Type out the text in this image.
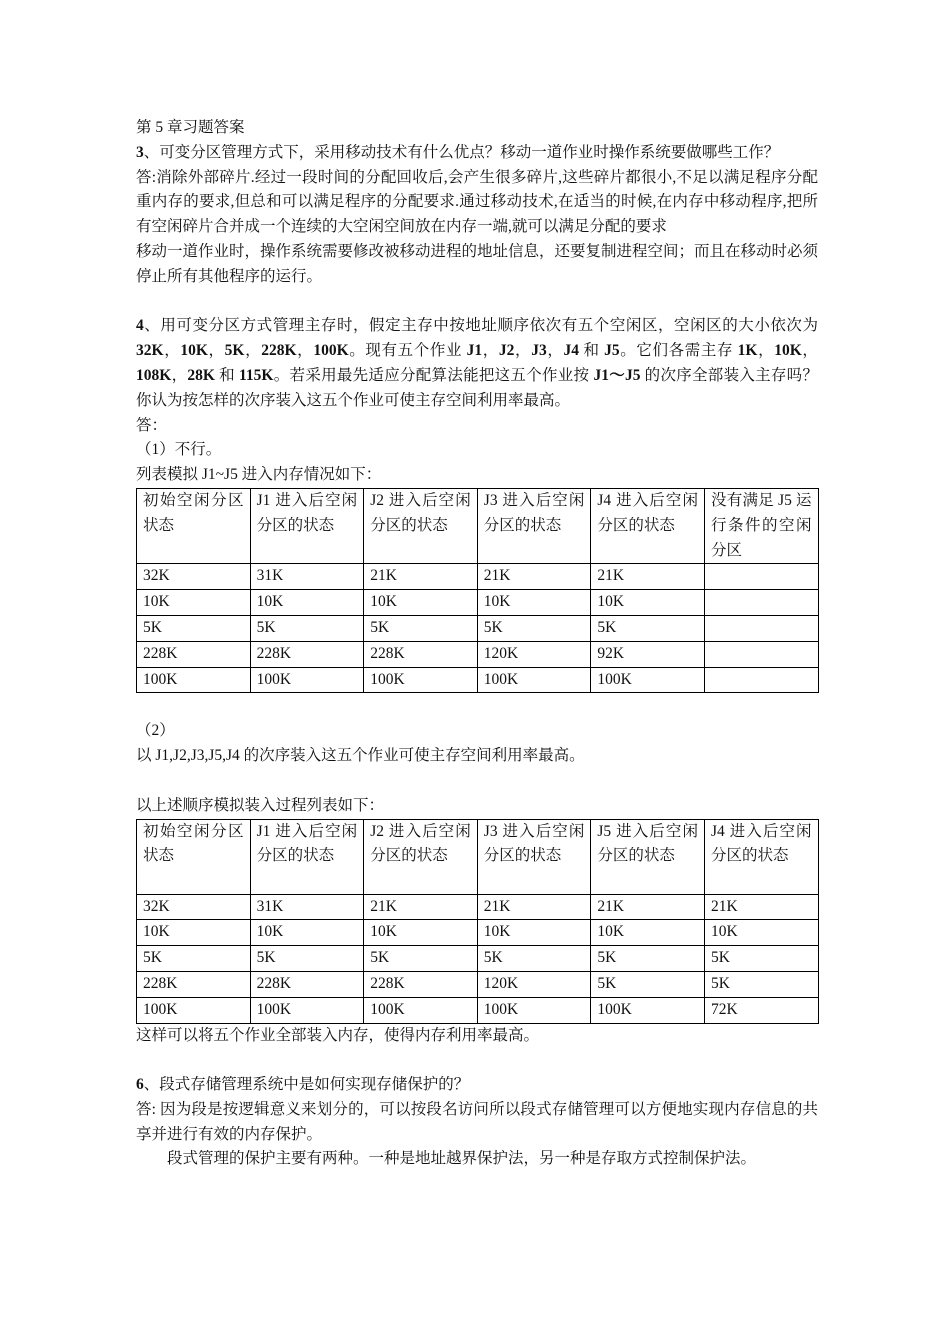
第 5 章习题答案

3、可变分区管理方式下，采用移动技术有什么优点？移动一道作业时操作系统要做哪些工作？

答:消除外部碎片.经过一段时间的分配回收后,会产生很多碎片,这些碎片都很小,不足以满足程序分配重内存的要求,但总和可以满足程序的分配要求.通过移动技术,在适当的时候,在内存中移动程序,把所有空闲碎片合并成一个连续的大空闲空间放在内存一端,就可以满足分配的要求

移动一道作业时，操作系统需要修改被移动进程的地址信息，还要复制进程空间；而且在移动时必须停止所有其他程序的运行。

4、用可变分区方式管理主存时，假定主存中按地址顺序依次有五个空闲区，空闲区的大小依次为 32K，10K，5K，228K，100K。现有五个作业 J1，J2，J3，J4 和 J5。它们各需主存 1K，10K，108K，28K 和 115K。若采用最先适应分配算法能把这五个作业按 J1～J5 的次序全部装入主存吗？你认为按怎样的次序装入这五个作业可使主存空间利用率最高。

答：

（1）不行。

列表模拟 J1~J5 进入内存情况如下：

初始空闲分区状态	J1 进入后空闲分区的状态	J2 进入后空闲分区的状态	J3 进入后空闲分区的状态	J4 进入后空闲分区的状态	没有满足 J5 运行条件的空闲分区
32K	31K	21K	21K	21K	
10K	10K	10K	10K	10K	
5K	5K	5K	5K	5K	
228K	228K	228K	120K	92K	
100K	100K	100K	100K	100K	

（2）

以 J1,J2,J3,J5,J4 的次序装入这五个作业可使主存空间利用率最高。

以上述顺序模拟装入过程列表如下：

初始空闲分区状态	J1 进入后空闲分区的状态	J2 进入后空闲分区的状态	J3 进入后空闲分区的状态	J5 进入后空闲分区的状态	J4 进入后空闲分区的状态
32K	31K	21K	21K	21K	21K
10K	10K	10K	10K	10K	10K
5K	5K	5K	5K	5K	5K
228K	228K	228K	120K	5K	5K
100K	100K	100K	100K	100K	72K

这样可以将五个作业全部装入内存，使得内存利用率最高。

6、段式存储管理系统中是如何实现存储保护的？

答: 因为段是按逻辑意义来划分的，可以按段名访问所以段式存储管理可以方便地实现内存信息的共享并进行有效的内存保护。

段式管理的保护主要有两种。一种是地址越界保护法，另一种是存取方式控制保护法。
